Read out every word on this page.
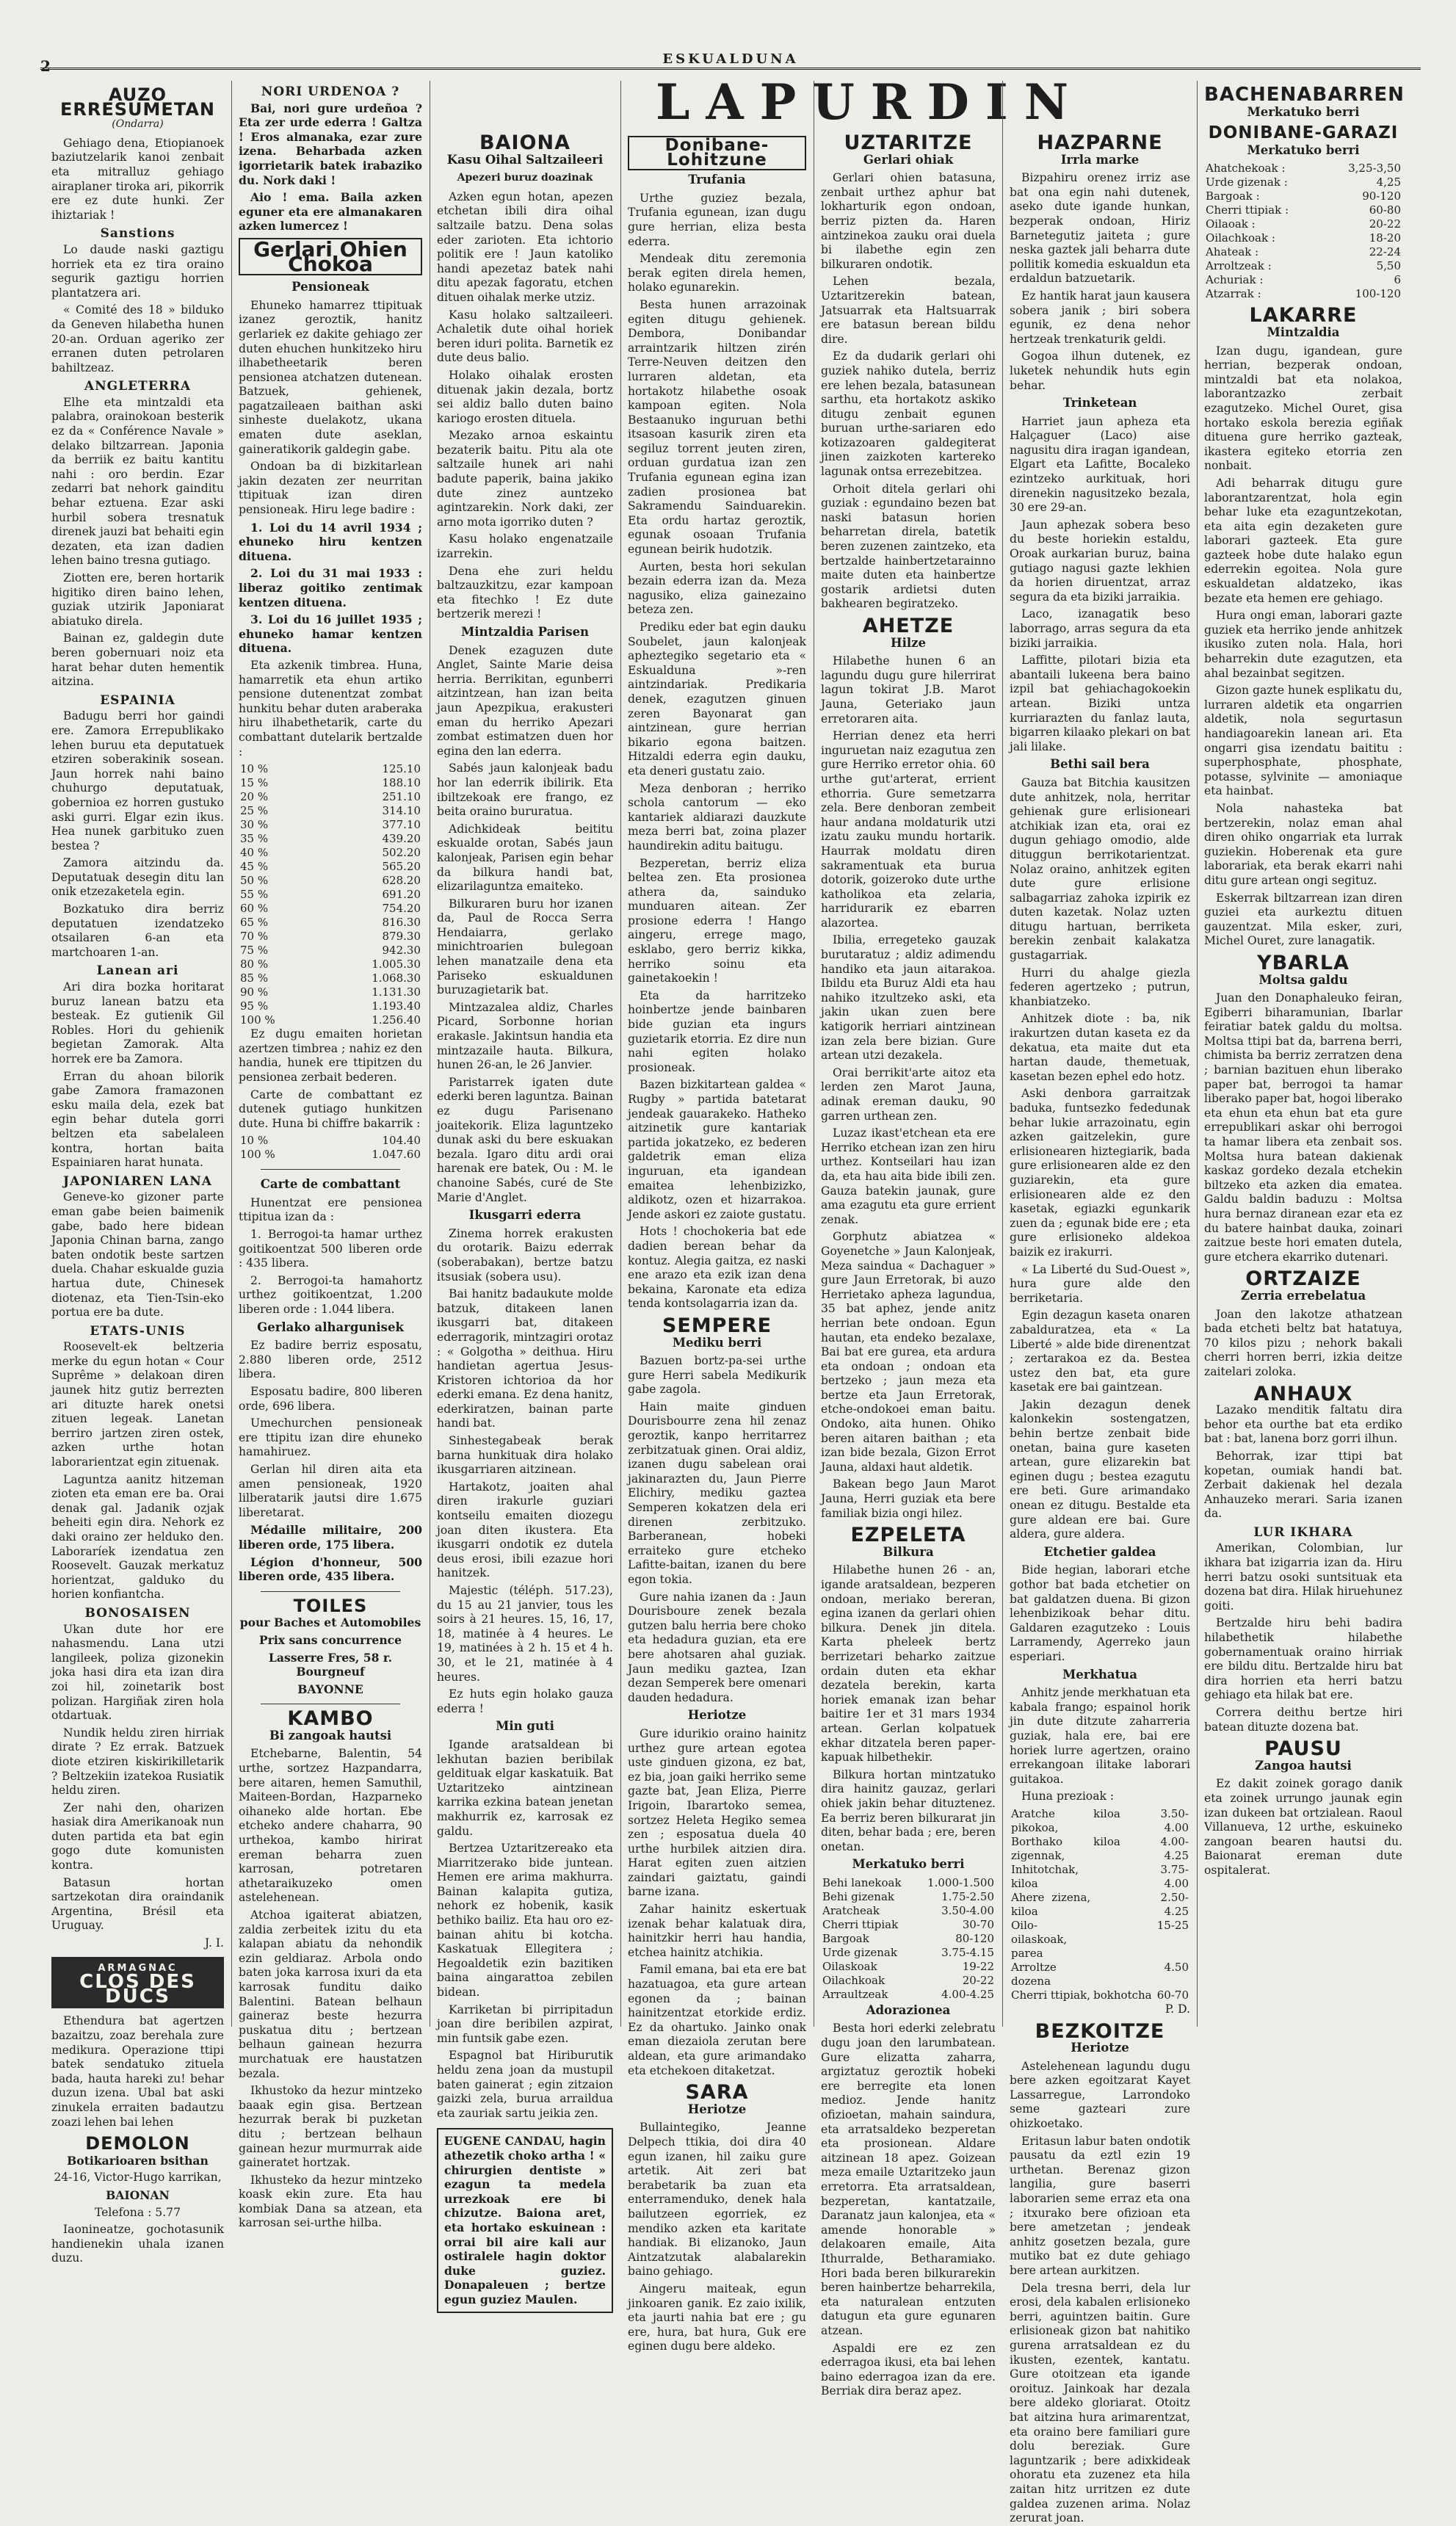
2	ESKUALDUNA
LAPURDIN
AUZO ERRESUMETAN
(Ondarra)

Gehiago dena, Etiopianoek baziutzelarik kanoi zenbait eta mitralluz gehiago airaplaner tiroka ari, pikorrik ere ez dute hunki. Zer ihiztariak !

Sanstions

Lo daude naski gaztigu horriek eta ez tira oraino segurik gaztigu horrien plantatzera ari.

« Comité des 18 » bilduko da Geneven hilabetha hunen 20-an. Orduan ageriko zer erranen duten petrolaren bahiltzeaz.

ANGLETERRA

Elhe eta mintzaldi eta palabra, orainokoan besterik ez da « Conférence Navale » delako biltzarrean. Japonia da berriik ez baitu kantitu nahi : oro berdin. Ezar zedarri bat nehork gainditu behar eztuena. Ezar aski hurbil sobera tresnatuk direnek jauzi bat behaiti egin dezaten, eta izan dadien lehen baino tresna gutiago.

Ziotten ere, beren hortarik higitiko diren baino lehen, guziak utzirik Japoniarat abiatuko direla.

Bainan ez, galdegin dute beren gobernuari noiz eta harat behar duten hementik aitzina.

ESPAINIA

Badugu berri hor gaindi ere. Zamora Errepublikako lehen buruu eta deputatuek etziren soberakinik sosean. Jaun horrek nahi baino chuhurgo deputatuak, gobernioa ez horren gustuko aski gurri. Elgar ezin ikus. Hea nunek garbituko zuen bestea ?

Zamora aitzindu da. Deputatuak desegin ditu lan onik etzezaketela egin.

Bozkatuko dira berriz deputatuen izendatzeko otsailaren 6-an eta martchoaren 1-an.

Lanean ari

Ari dira bozka horitarat buruz lanean batzu eta besteak. Ez gutienik Gil Robles. Hori du gehienik begietan Zamorak. Alta horrek ere ba Zamora.

Erran du ahoan bilorik gabe Zamora framazonen esku maila dela, ezek bat egin behar dutela gorri beltzen eta sabelaleen kontra, hortan baita Espainiaren harat hunata.

JAPONIAREN LANA

Geneve-ko gizoner parte eman gabe beien baimenik gabe, bado here bidean Japonia Chinan barna, zango baten ondotik beste sartzen duela. Chahar eskualde guzia hartua dute, Chinesek diotenaz, eta Tien-Tsin-eko portua ere ba dute.

ETATS-UNIS

Roosevelt-ek beltzeria merke du egun hotan « Cour Suprême » delakoan diren jaunek hitz gutiz berrezten ari dituzte harek onetsi zituen legeak. Lanetan berriro jartzen ziren ostek, azken urthe hotan laborarientzat egin zituenak.

Laguntza aanitz hitzeman zioten eta eman ere ba. Orai denak gal. Jadanik ozjak beheiti egin dira. Nehork ez daki oraino zer helduko den. Laboraríek izendatua zen Roosevelt. Gauzak merkatuz horientzat, galduko du horien konfiantcha.

BONOSAISEN

Ukan dute hor ere nahasmendu. Lana utzi langileek, poliza gizonekin joka hasi dira eta izan dira zoi hil, zoinetarik bost polizan. Hargiñak ziren hola otdartuak.

Nundik heldu ziren hirriak dirate ? Ez errak. Batzuek diote etziren kiskirikilletarik ? Beltzekiin izatekoa Rusiatik heldu ziren.

Zer nahi den, oharizen hasiak dira Amerikanoak nun duten partida eta bat egin gogo dute komunisten kontra.

Batasun hortan sartzekotan dira oraindanik Argentina, Brésil eta Uruguay.

J. I.

ARMAGNAC
CLOS DES DUCS

Ethendura bat agertzen bazaitzu, zoaz berehala zure medikura. Operazione ttipi batek sendatuko zituela bada, hauta hareki zu! behar duzun izena. Ubal bat aski zinukela erraiten badautzu zoazi lehen bai lehen

DEMOLON

Botikarioaren bsithan

24-16, Victor-Hugo karrikan,

BAIONAN

Telefona : 5.77

Iaonineatze, gochotasunik handienekin uhala izanen duzu.

NORI URDENOA ?

Bai, nori gure urdeñoa ? Eta zer urde ederra ! Galtza ! Eros almanaka, ezar zure izena. Beharbada azken igorrietarik batek irabaziko du. Nork daki !

Aio ! ema. Baila azken eguner eta ere almanakaren azken lumercez !

Gerlari Ohien Chokoa
Pensioneak

Ehuneko hamarrez ttipituak izanez geroztik, hanitz gerlariek ez dakite gehiago zer duten ehuchen hunkitzeko hiru ilhabetheetarik beren pensionea atchatzen dutenean. Batzuek, gehienek, pagatzaileaen baithan aski sinheste duelakotz, ukana ematen dute aseklan, gaineratikorik galdegin gabe.

Ondoan ba di bizkitarlean jakin dezaten zer neurritan ttipituak izan diren pensioneak. Hiru lege badire :

1. Loi du 14 avril 1934 ; ehuneko hiru kentzen dituena.

2. Loi du 31 mai 1933 : liberaz goitiko zentimak kentzen dituena.

3. Loi du 16 juillet 1935 ; ehuneko hamar kentzen dituena.

Eta azkenik timbrea. Huna, hamarretik eta ehun artiko pensione dutenentzat zombat hunkitu behar duten araberaka hiru ilhabethetarik, carte du combattant dutelarik bertzalde :

10 %	125.10
15 %	188.10
20 %	251.10
25 %	314.10
30 %	377.10
35 %	439.20
40 %	502.20
45 %	565.20
50 %	628.20
55 %	691.20
60 %	754.20
65 %	816.30
70 %	879.30
75 %	942.30
80 %	1.005.30
85 %	1.068.30
90 %	1.131.30
95 %	1.193.40
100 %	1.256.40

Ez dugu emaiten horietan azertzen timbrea ; nahiz ez den handia, hunek ere ttipitzen du pensionea zerbait bederen.

Carte de combattant ez dutenek gutiago hunkitzen dute. Huna bi chiffre bakarrik :

10 %	104.40
100 %	1.047.60
Carte de combattant

Hunentzat ere pensionea ttipitua izan da :

1. Berrogoi-ta hamar urthez goitikoentzat 500 liberen orde : 435 libera.

2. Berrogoi-ta hamahortz urthez goitikoentzat, 1.200 liberen orde : 1.044 libera.

Gerlako alhargunisek

Ez badire berriz esposatu, 2.880 liberen orde, 2512 libera.

Esposatu badire, 800 liberen orde, 696 libera.

Umechurchen pensioneak ere ttipitu izan dire ehuneko hamahiruez.

Gerlan hil diren aita eta amen pensioneak, 1920 lilberatarik jautsi dire 1.675 liberetarat.

Médaille militaire, 200 liberen orde, 175 libera.

Légion d'honneur, 500 liberen orde, 435 libera.

TOILES

pour Baches et Automobiles

Prix sans concurrence

Lasserre Fres, 58 r. Bourgneuf

BAYONNE

KAMBO
Bi zangoak hautsi

Etchebarne, Balentin, 54 urthe, sortzez Hazpandarra, bere aitaren, hemen Samuthil, Maiteen-Bordan, Hazparneko oihaneko alde hortan. Ebe etcheko andere chaharra, 90 urthekoa, kambo hirirat ereman beharra zuen karrosan, potretaren athetaraikuzeko omen astelehenean.

Atchoa igaiterat abiatzen, zaldia zerbeitek izitu du eta kalapan abiatu da nehondik ezin geldiaraz. Arbola ondo baten joka karrosa ixuri da eta karrosak funditu daiko Balentini. Batean belhaun gaineraz beste hezurra puskatua ditu ; bertzean belhaun gainean hezurra murchatuak ere haustatzen bezala.

Ikhustoko da hezur mintzeko baaak egin gisa. Bertzean hezurrak berak bi puzketan ditu ; bertzean belhaun gainean hezur murmurrak aide gaineratet hortzak.

Ikhusteko da hezur mintzeko koask ekin zure. Eta hau kombiak Dana sa atzean, eta karrosan sei-urthe hilba.

BAIONA
Kasu Oihal Saltzaileeri
Apezeri buruz doazinak

Azken egun hotan, apezen etchetan ibili dira oihal saltzaile batzu. Dena solas eder zarioten. Eta ichtorio politik ere ! Jaun katoliko handi apezetaz batek nahi ditu apezak fagoratu, etchen dituen oihalak merke utziz.

Kasu holako saltzaileeri. Achaletik dute oihal horiek beren iduri polita. Barnetik ez dute deus balio.

Holako oihalak erosten dituenak jakin dezala, bortz sei aldiz ballo duten baino kariogo erosten dituela.

Mezako arnoa eskaintu bezaterik baitu. Pitu ala ote saltzaile hunek ari nahi badute paperik, baina jakiko dute zinez auntzeko agintzarekin. Nork daki, zer arno mota igorriko duten ?

Kasu holako engenatzaile izarrekin.

Dena ehe zuri heldu baltzauzkitzu, ezar kampoan eta fitechko ! Ez dute bertzerik merezi !

Mintzaldia Parisen

Denek ezaguzen dute Anglet, Sainte Marie deisa herria. Berrikitan, egunberri aitzintzean, han izan beita jaun Apezpikua, erakusteri eman du herriko Apezari zombat estimatzen duen hor egina den lan ederra.

Sabés jaun kalonjeak badu hor lan ederrik ibilirik. Eta ibiltzekoak ere frango, ez beita oraino bururatua.

Adichkideak beititu eskualde orotan, Sabés jaun kalonjeak, Parisen egin behar da bilkura handi bat, elizarilaguntza emaiteko.

Bilkuraren buru hor izanen da, Paul de Rocca Serra Hendaiarra, gerlako minichtroarien bulegoan lehen manatzaile dena eta Pariseko eskualdunen buruzagietarik bat.

Mintzazalea aldiz, Charles Picard, Sorbonne horian erakasle. Jakintsun handia eta mintzazaile hauta. Bilkura, hunen 26-an, le 26 Janvier.

Paristarrek igaten dute ederki beren laguntza. Bainan ez dugu Parisenano joaitekorik. Eliza laguntzeko dunak aski du bere eskuakan bezala. Igaro ditu ardi orai harenak ere batek, Ou : M. le chanoine Sabés, curé de Ste Marie d'Anglet.

Ikusgarri ederra

Zinema horrek erakusten du orotarik. Baizu ederrak (soberabakan), bertze batzu itsusiak (sobera usu).

Bai hanitz badaukute molde batzuk, ditakeen lanen ikusgarri bat, ditakeen ederragorik, mintzagiri orotaz : « Golgotha » deithua. Hiru handietan agertua Jesus-Kristoren ichtorioa da hor ederki emana. Ez dena hanitz, ederkiratzen, bainan parte handi bat.

Sinhestegabeak berak barna hunkituak dira holako ikusgarriaren aitzinean.

Hartakotz, joaiten ahal diren irakurle guziari kontseilu emaiten diozegu joan diten ikustera. Eta ikusgarri ondotik ez dutela deus erosi, ibili ezazue hori hanitzek.

Majestic (téléph. 517.23), du 15 au 21 janvier, tous les soirs à 21 heures. 15, 16, 17, 18, matinée à 4 heures. Le 19, matinées à 2 h. 15 et 4 h. 30, et le 21, matinée à 4 heures.

Ez huts egin holako gauza ederra !

Min guti

Igande aratsaldean bi lekhutan bazien beribilak geldituak elgar kaskatuik. Bat Uztaritzeko aintzinean karrika ezkina batean jenetan makhurrik ez, karrosak ez galdu.

Bertzea Uztaritzereako eta Miarritzerako bide juntean. Hemen ere arima makhurra. Bainan kalapita gutiza, nehork ez hobenik, kasik bethiko bailiz. Eta hau oro ez-bainan ahitu bi kotcha. Kaskatuak Ellegitera ; Hegoaldetik ezin bazitiken baina aingarattoa zebilen bidean.

Karriketan bi pirripitadun joan dire beribilen azpirat, min funtsik gabe ezen.

Espagnol bat Hiriburutik heldu zena joan da mustupil baten gainerat ; egin zitzaion gaizki zela, burua arraildua eta zauriak sartu jeikia zen.

EUGENE CANDAU, hagin athezetik choko artha ! « chirurgien dentiste » ezagun ta medela urrezkoak ere bi chizutze. Baiona aret, eta hortako eskuinean : orrai bil aire kali aur ostiralele hagin doktor duke guziez. Donapaleuen ; bertze egun guziez Maulen.

Donibane-Lohitzune
Trufania

Urthe guziez bezala, Trufania egunean, izan dugu gure herrian, eliza besta ederra.

Mendeak ditu zeremonia berak egiten direla hemen, holako egunarekin.

Besta hunen arrazoinak egiten ditugu gehienek. Dembora, Donibandar arraintzarik hiltzen zirén Terre-Neuven deitzen den lurraren aldetan, eta hortakotz hilabethe osoak kampoan egiten. Nola Bestaanuko inguruan bethi itsasoan kasurik ziren eta segiluz torrent jeuten ziren, orduan gurdatua izan zen Trufania egunean egina izan zadien prosionea bat Sakramendu Sainduarekin. Eta ordu hartaz geroztik, egunak osoaan Trufania egunean beirik hudotzik.

Aurten, besta hori sekulan bezain ederra izan da. Meza nagusiko, eliza gainezaino beteza zen.

Prediku eder bat egin dauku Soubelet, jaun kalonjeak apheztegiko segetario eta « Eskualduna »-ren aintzindariak. Predikaria denek, ezagutzen ginuen zeren Bayonarat gan aintzinean, gure herrian bikario egona baitzen. Hitzaldi ederra egin dauku, eta deneri gustatu zaio.

Meza denboran ; herriko schola cantorum — eko kantariek aldiarazi dauzkute meza berri bat, zoina plazer haundirekin aditu baitugu.

Bezperetan, berriz eliza beltea zen. Eta prosionea athera da, sainduko munduaren aitean. Zer prosione ederra ! Hango aingeru, errege mago, esklabo, gero berriz kikka, herriko soinu eta gainetakoekin !

Eta da harritzeko hoinbertze jende bainbaren bide guzian eta ingurs guzietarik etorria. Ez dire nun nahi egiten holako prosioneak.

Bazen bizkitartean galdea « Rugby » partida batetarat jendeak gauarakeko. Hatheko aitzinetik gure kantariak partida jokatzeko, ez bederen galdetrik eman eliza inguruan, eta igandean emaitea lehenbizizko, aldikotz, ozen et hizarrakoa. Jende askori ez zaiote gustatu.

Hots ! chochokeria bat ede dadien berean behar da kontuz. Alegia gaitza, ez naski ene arazo eta ezik izan dena bekaina, Karonate eta ediza tenda kontsolagarria izan da.

SEMPERE
Mediku berri

Bazuen bortz-pa-sei urthe gure Herri sabela Medikurik gabe zagola.

Hain maite ginduen Dourisbourre zena hil zenaz geroztik, kanpo herritarrez zerbitzatuak ginen. Orai aldiz, izanen dugu sabelean orai jakinarazten du, Jaun Pierre Elichiry, mediku gaztea Semperen kokatzen dela eri direnen zerbitzuko. Barberanean, hobeki erraiteko gure etcheko Lafitte-baitan, izanen du bere egon tokia.

Gure nahia izanen da : Jaun Dourisboure zenek bezala gutzen balu herria bere choko eta hedadura guzian, eta ere bere ahotsaren ahal guziak. Jaun mediku gaztea, Izan dezan Semperek bere omenari dauden hedadura.

Heriotze

Gure idurikio oraino hainitz urthez gure artean egotea uste ginduen gizona, ez bat, ez bia, joan gaiki herriko seme gazte bat, Jean Eliza, Pierre Irigoin, Ibarartoko semea, sortzez Heleta Hegiko semea zen ; esposatua duela 40 urthe hurbilek aitzien dira. Harat egiten zuen aitzien zaindari gaiztatu, gaindi barne izana.

Zahar hainitz eskertuak izenak behar kalatuak dira, hainitzkir herri hau handia, etchea hainitz atchikia.

Famil emana, bai eta ere bat hazatuagoa, eta gure artean egonen da ; bainan hainitzentzat etorkide erdiz. Ez da ohartuko. Jainko onak eman diezaiola zerutan bere aldean, eta gure arimandako eta etchekoen ditaketzat.

SARA
Heriotze

Bullaintegiko, Jeanne Delpech ttikia, doi dira 40 egun izanen, hil zaiku gure artetik. Ait zeri bat berabetarik ba zuan eta enterramenduko, denek hala bailutzeen egorriek, ez mendiko azken eta karitate handiak. Bi elizanoko, Jaun Aintzatzutak alabalarekin baino gehiago.

Aingeru maiteak, egun jinkoaren ganik. Ez zaio ixilik, eta jaurti nahia bat ere ; gu ere, hura, bat hura, Guk ere eginen dugu bere aldeko.

UZTARITZE
Gerlari ohiak

Gerlari ohien batasuna, zenbait urthez aphur bat lokharturik egon ondoan, berriz pizten da. Haren aintzinekoa zauku orai duela bi ilabethe egin zen bilkuraren ondotik.

Lehen bezala, Uztaritzerekin batean, Jatsuarrak eta Haltsuarrak ere batasun berean bildu dire.

Ez da dudarik gerlari ohi guziek nahiko dutela, berriz ere lehen bezala, batasunean sarthu, eta hortakotz askiko ditugu zenbait egunen buruan urthe-sariaren edo kotizazoaren galdegiterat jinen zaizkoten kartereko lagunak ontsa errezebitzea.

Orhoit ditela gerlari ohi guziak : egundaino bezen bat naski batasun horien beharretan direla, batetik beren zuzenen zaintzeko, eta bertzalde hainbertzetarainno maite duten eta hainbertze gostarik ardietsi duten bakhearen begiratzeko.

AHETZE
Hilze

Hilabethe hunen 6 an lagundu dugu gure hilerrirat lagun tokirat J.B. Marot Jauna, Geteriako jaun erretoraren aita.

Herrian denez eta herri inguruetan naiz ezagutua zen gure Herriko erretor ohia. 60 urthe gut'arterat, errient ethorria. Gure semetzarra zela. Bere denboran zembeit haur andana moldaturik utzi izatu zauku mundu hortarik. Haurrak moldatu diren sakramentuak eta burua dotorik, goizeroko dute urthe katholikoa eta zelaria, harridurarik ez ebarren alazortea.

Ibilia, erregeteko gauzak burutaratuz ; aldiz adimendu handiko eta jaun aitarakoa. Ibildu eta Buruz Aldi eta hau nahiko itzultzeko aski, eta jakin ukan zuen bere katigorik herriari aintzinean izan zela bere bizian. Gure artean utzi dezakela.

Orai berrikit'arte aitoz eta lerden zen Marot Jauna, adinak ereman dauku, 90 garren urthean zen.

Luzaz ikast'etchean eta ere Herriko etchean izan zen hiru urthez. Kontseilari hau izan da, eta hau aita bide ibili zen. Gauza batekin jaunak, gure ama ezagutu eta gure errient zenak.

Gorphutz abiatzea « Goyenetche » Jaun Kalonjeak, Meza saindua « Dachaguer » gure Jaun Erretorak, bi auzo Herrietako apheza lagundua, 35 bat aphez, jende anitz herrian bete ondoan. Egun hautan, eta endeko bezalaxe, Bai bat ere gurea, eta ardura eta ondoan ; ondoan eta bertzeko ; jaun meza eta bertze eta Jaun Erretorak, etche-ondokoei eman baitu. Ondoko, aita hunen. Ohiko beren aitaren baithan ; eta izan bide bezala, Gizon Errot Jauna, aldaxi haut aldetik.

Bakean bego Jaun Marot Jauna, Herri guziak eta bere familiak bizia ongi hilez.

EZPELETA
Bilkura

Hilabethe hunen 26 - an, igande aratsaldean, bezperen ondoan, meriako bereran, egina izanen da gerlari ohien bilkura. Denek jin ditela. Karta pheleek bertz berrizetari beharko zaitzue ordain duten eta ekhar dezatela berekin, karta horiek emanak izan behar baitire 1er et 31 mars 1934 artean. Gerlan kolpatuek ekhar ditzatela beren paper-kapuak hilbethekir.

Bilkura hortan mintzatuko dira hainitz gauzaz, gerlari ohiek jakin behar dituztenez. Ea berriz beren bilkurarat jin diten, behar bada ; ere, beren onetan.

Merkatuko berri
Behi lanekoak	1.000-1.500
Behi gizenak	1.75-2.50
Aratcheak	3.50-4.00
Cherri ttipiak	30-70
Bargoak	80-120
Urde gizenak	3.75-4.15
Oilaskoak	19-22
Oilachkoak	20-22
Arraultzeak	4.00-4.25
Adorazionea

Besta hori ederki zelebratu dugu joan den larumbatean. Gure elizatta zaharra, argiztatuz geroztik hobeki ere berregite eta lonen medioz. Jende hanitz ofizioetan, mahain saindura, eta arratsaldeko bezperetan eta prosionean. Aldare aitzinean 18 apez. Goizean meza emaile Uztaritzeko jaun erretorra. Eta arratsaldean, bezperetan, kantatzaile, Daranatz jaun kalonjea, eta « amende honorable » delakoaren emaile, Aita Ithurralde, Betharamiako. Hori bada beren bilkurarekin beren hainbertze beharrekila, eta naturalean entzuten datugun eta gure egunaren atzean.

Aspaldi ere ez zen ederragoa ikusi, eta bai lehen baino ederragoa izan da ere. Berriak dira beraz apez.

HAZPARNE
Irrla marke

Bizpahiru orenez irriz ase bat ona egin nahi dutenek, aseko dute igande hunkan, bezperak ondoan, Hiriz Barnetegutiz jaiteta ; gure neska gaztek jali beharra dute pollitik komedia eskualdun eta erdaldun batzuetarik.

Ez hantik harat jaun kausera sobera janik ; biri sobera egunik, ez dena nehor hertzeak trenkaturik geldi.

Gogoa ilhun dutenek, ez luketek nehundik huts egin behar.

Trinketean

Harriet jaun apheza eta Halçaguer (Laco) aise nagusitu dira iragan igandean, Elgart eta Lafitte, Bocaleko ezintzeko aurkituak, hori direnekin nagusitzeko bezala, 30 ere 29-an.

Jaun aphezak sobera beso du beste horiekin estaldu, Oroak aurkarian buruz, baina gutiago nagusi gazte lekhien da horien diruentzat, arraz segura da eta biziki jarraikia.

Laco, izanagatik beso laborrago, arras segura da eta biziki jarraikia.

Laffitte, pilotari bizia eta abantaili lukeena bera baino izpil bat gehiachagokoekin artean. Biziki untza kurriarazten du fanlaz lauta, bigarren kilaako plekari on bat jali lilake.

Bethi sail bera

Gauza bat Bitchia kausitzen dute anhitzek, nola, herritar gehienak gure erlisioneari atchikiak izan eta, orai ez dugun gehiago omodio, alde dituggun berrikotarientzat. Nolaz oraino, anhitzek egiten dute gure erlisione salbagarriaz zahoka izpirik ez duten kazetak. Nolaz uzten ditugu hartuan, berriketa berekin zenbait kalakatza gustagarriak.

Hurri du ahalge giezla federen agertzeko ; putrun, khanbiatzeko.

Anhitzek diote : ba, nik irakurtzen dutan kaseta ez da dekatua, eta maite dut eta hartan daude, themetuak, kasetan bezen ephel edo hotz.

Aski denbora garraitzak baduka, funtsezko fededunak behar lukie arrazoinatu, egin azken gaitzelekin, gure erlisionearen hiztegiarik, bada gure erlisionearen alde ez den guziarekin, eta gure erlisionearen alde ez den kasetak, egiazki egunkarik zuen da ; egunak bide ere ; eta gure erlisioneko aldekoa baizik ez irakurri.

« La Liberté du Sud-Ouest », hura gure alde den berriketaria.

Egin dezagun kaseta onaren zabalduratzea, eta « La Liberté » alde bide direnentzat ; zertarakoa ez da. Bestea ustez den bat, eta gure kasetak ere bai gaintzean.

Jakin dezagun denek kalonkekin sostengatzen, behin bertze zenbait bide onetan, baina gure kaseten artean, gure elizarekin bat eginen dugu ; bestea ezagutu ere beti. Gure arimandako onean ez ditugu. Bestalde eta gure aldean ere bai. Gure aldera, gure aldera.

Etchetier galdea

Bide hegian, laborari etche gothor bat bada etchetier on bat galdatzen duena. Bi gizon lehenbizikoak behar ditu. Galdaren ezagutzeko : Louis Larramendy, Agerreko jaun esperiari.

Merkhatua

Anhitz jende merkhatuan eta kabala frango; espainol horik jin dute ditzute zaharreria guziak, hala ere, bai ere horiek lurre agertzen, oraino errekangoan ilitake laborari guitakoa.

Huna prezioak :

Aratche pikokoa,	kiloa	3.50-4.00
Borthako zigennak,	kiloa	4.00-4.25
Inhitotchak, kiloa		3.75-4.00
Ahere zizena, kiloa		2.50-4.25
Oilo-oilaskoak, parea		15-25
Arroltze dozena		4.50
Cherri ttipiak,	bokhotcha	60-70

P. D.

BEZKOITZE
Heriotze

Astelehenean lagundu dugu bere azken egoitzarat Kayet Lassarregue, Larrondoko seme gazteari zure ohizkoetako.

Eritasun labur baten ondotik pausatu da eztl ezin 19 urthetan. Berenaz gizon langilia, gure baserri laborarien seme erraz eta ona ; itxurako bere ofizioan eta bere ametzetan ; jendeak anhitz gosetzen bezala, gure mutiko bat ez dute gehiago bere artean aurkitzen.

Dela tresna berri, dela lur erosi, dela kabalen erlisioneko berri, aguintzen baitin. Gure erlisioneak gizon bat nahitiko gurena arratsaldean ez du ikusten, ezentek, kantatu. Gure otoitzean eta igande oroituz. Jainkoak har dezala bere aldeko gloriarat. Otoitz bat aitzina hura arimarentzat, eta oraino bere familiari gure dolu bereziak. Gure laguntzarik ; bere adixkideak ohoratu eta zuzenez eta hila zaitan hitz urritzen ez dute galdea zuzenen arima. Nolaz zerurat joan.

BACHENABARREN
Merkatuko berri
DONIBANE-GARAZI
Merkatuko berri
Ahatchekoak :	3,25-3,50
Urde gizenak :	4,25
Bargoak :	90-120
Cherri ttipiak :	60-80
Oilaoak :	20-22
Oilachkoak :	18-20
Ahateak :	22-24
Arroltzeak :	5,50
Achuriak :	6
Atzarrak :	100-120
LAKARRE
Mintzaldia

Izan dugu, igandean, gure herrian, bezperak ondoan, mintzaldi bat eta nolakoa, laborantzazko zerbait ezagutzeko. Michel Ouret, gisa hortako eskola berezia egiñak dituena gure herriko gazteak, ikastera egiteko etorria zen nonbait.

Adi beharrak ditugu gure laborantzarentzat, hola egin behar luke eta ezaguntzekotan, eta aita egin dezaketen gure laborari gazteek. Eta gure gazteek hobe dute halako egun ederrekin egoitea. Nola gure eskualdetan aldatzeko, ikas bezate eta hemen ere gehiago.

Hura ongi eman, laborari gazte guziek eta herriko jende anhitzek ikusiko zuten nola. Hala, hori beharrekin dute ezagutzen, eta ahal bezainbat segitzen.

Gizon gazte hunek esplikatu du, lurraren aldetik eta ongarrien aldetik, nola segurtasun handiagoarekin lanean ari. Eta ongarri gisa izendatu baititu : superphosphate, phosphate, potasse, sylvinite — amoniaque eta hainbat.

Nola nahasteka bat bertzerekin, nolaz eman ahal diren ohiko ongarriak eta lurrak guziekin. Hoberenak eta gure laborariak, eta berak ekarri nahi ditu gure artean ongi segituz.

Eskerrak biltzarrean izan diren guziei eta aurkeztu dituen gauzentzat. Mila esker, zuri, Michel Ouret, zure lanagatik.

YBARLA
Moltsa galdu

Juan den Donaphaleuko feiran, Egiberri biharamunian, Ibarlar feiratiar batek galdu du moltsa. Moltsa ttipi bat da, barrena berri, chimista ba berriz zerratzen dena ; barnian bazituen ehun liberako paper bat, berrogoi ta hamar liberako paper bat, hogoi liberako eta ehun eta ehun bat eta gure errepublikari askar ohi berrogoi ta hamar libera eta zenbait sos. Moltsa hura batean dakienak kaskaz gordeko dezala etchekin biltzeko eta azken dia ematea. Galdu baldin baduzu : Moltsa hura bernaz diranean ezar eta ez du batere hainbat dauka, zoinari zaitzue beste hori ematen dutela, gure etchera ekarriko dutenari.

ORTZAIZE
Zerria errebelatua

Joan den lakotze athatzean bada etcheti beltz bat hatatuya, 70 kilos pizu ; nehork bakali cherri horren berri, izkia deitze zaitelari zoloka.

ANHAUX

Lazako menditik faltatu dira behor eta ourthe bat eta erdiko bat : bat, lanena borz gorri ilhun.

Behorrak, izar ttipi bat kopetan, oumiak handi bat. Zerbait dakienak hel dezala Anhauzeko merari. Saria izanen da.

LUR IKHARA

Amerikan, Colombian, lur ikhara bat izigarria izan da. Hiru herri batzu osoki suntsituak eta dozena bat dira. Hilak hiruehunez goiti.

Bertzalde hiru behi badira hilabethetik hilabethe gobernamentuak oraino hirriak ere bildu ditu. Bertzalde hiru bat dira horrien eta herri batzu gehiago eta hilak bat ere.

Correra deithu bertze hiri batean dituzte dozena bat.

PAUSU
Zangoa hautsi

Ez dakit zoinek gorago danik eta zoinek urrungo jaunak egin izan dukeen bat ortzialean. Raoul Villanueva, 12 urthe, eskuineko zangoan bearen hautsi du. Baionarat ereman dute ospitalerat.
